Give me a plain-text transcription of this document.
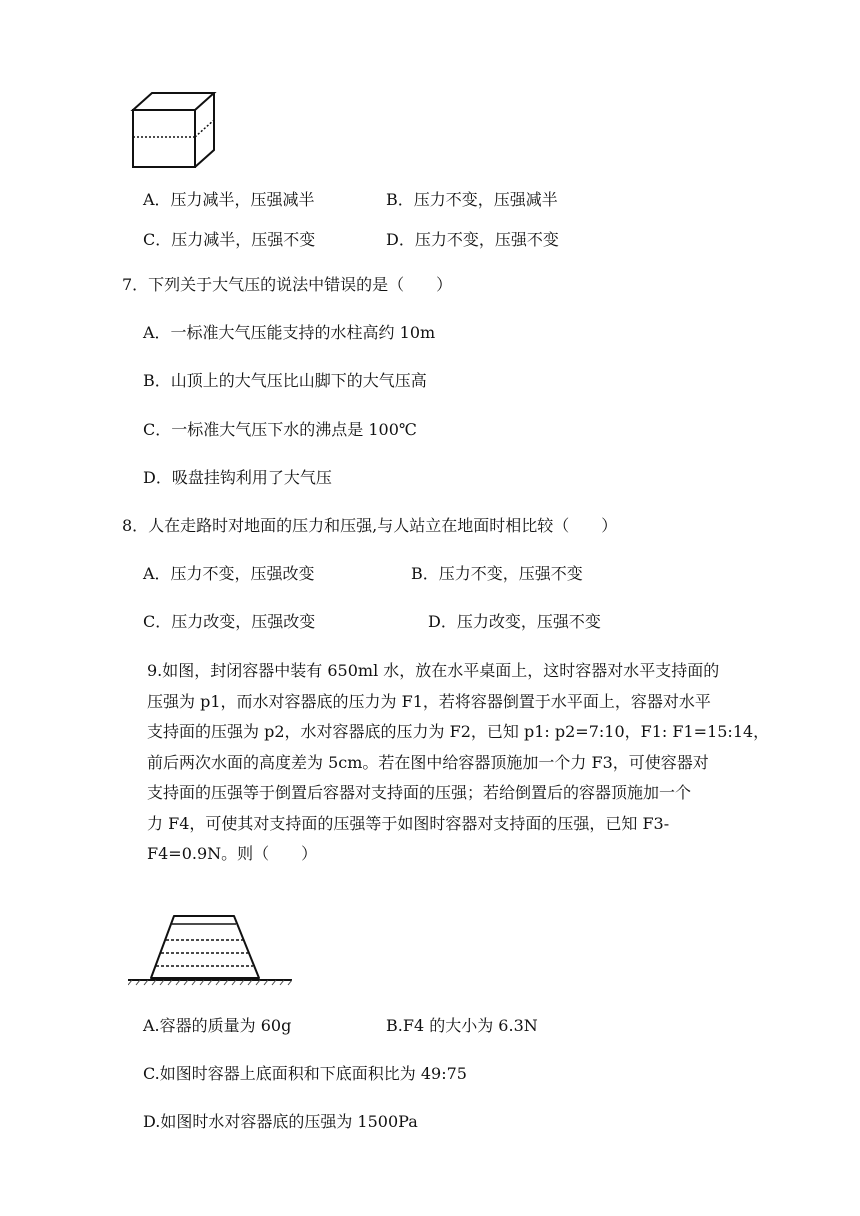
A．压力减半，压强减半	B．压力不变，压强减半
C．压力减半，压强不变	D．压力不变，压强不变
7．下列关于大气压的说法中错误的是（　　）
A．一标准大气压能支持的水柱高约 10m
B．山顶上的大气压比山脚下的大气压高
C．一标准大气压下水的沸点是 100℃
D．吸盘挂钩利用了大气压
8．人在走路时对地面的压力和压强,与人站立在地面时相比较（　　）
A．压力不变，压强改变	B．压力不变，压强不变
C．压力改变，压强改变	D．压力改变，压强不变
9.如图，封闭容器中装有 650ml 水，放在水平桌面上，这时容器对水平支持面的
压强为 p1，而水对容器底的压力为 F1，若将容器倒置于水平面上，容器对水平
支持面的压强为 p2，水对容器底的压力为 F2，已知 p1: p2=7:10，F1: F1=15:14，
前后两次水面的高度差为 5cm。若在图中给容器顶施加一个力 F3，可使容器对
支持面的压强等于倒置后容器对支持面的压强；若给倒置后的容器顶施加一个
力 F4，可使其对支持面的压强等于如图时容器对支持面的压强，已知 F3-
F4=0.9N。则（　　）
A.容器的质量为 60g	B.F4 的大小为 6.3N
C.如图时容器上底面积和下底面积比为 49:75
D.如图时水对容器底的压强为 1500Pa
